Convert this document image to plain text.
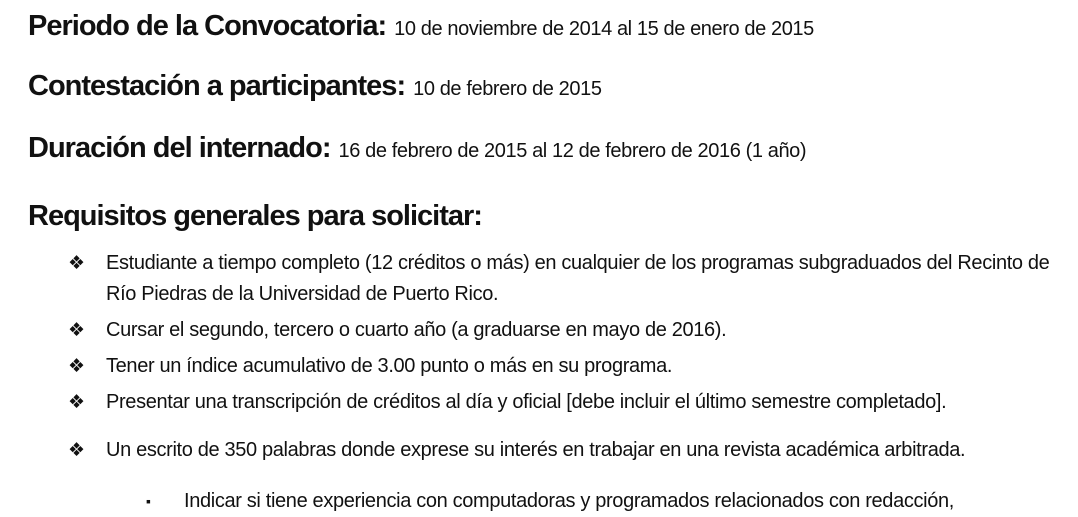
Periodo de la Convocatoria : 10 de noviembre de 2014 al 15 de enero de 2015
Contestación a participantes : 10 de febrero de 2015
Duración del internado : 16 de febrero de 2015 al 12 de febrero de 2016 (1 año)
Requisitos generales para solicitar:
❖	Estudiante a tiempo completo (12 créditos o más) en cualquier de los programas subgraduados del Recinto de Río Piedras de la Universidad de Puerto Rico.
❖	Cursar el segundo, tercero o cuarto año (a graduarse en mayo de 2016).
❖	Tener un índice acumulativo de 3.00 punto o más en su programa.
❖	Presentar una transcripción de créditos al día y oficial [debe incluir el último semestre completado].
❖	Un escrito de 350 palabras donde exprese su interés en trabajar en una revista académica arbitrada.
▪	Indicar si tiene experiencia con computadoras y programados relacionados con redacción,
